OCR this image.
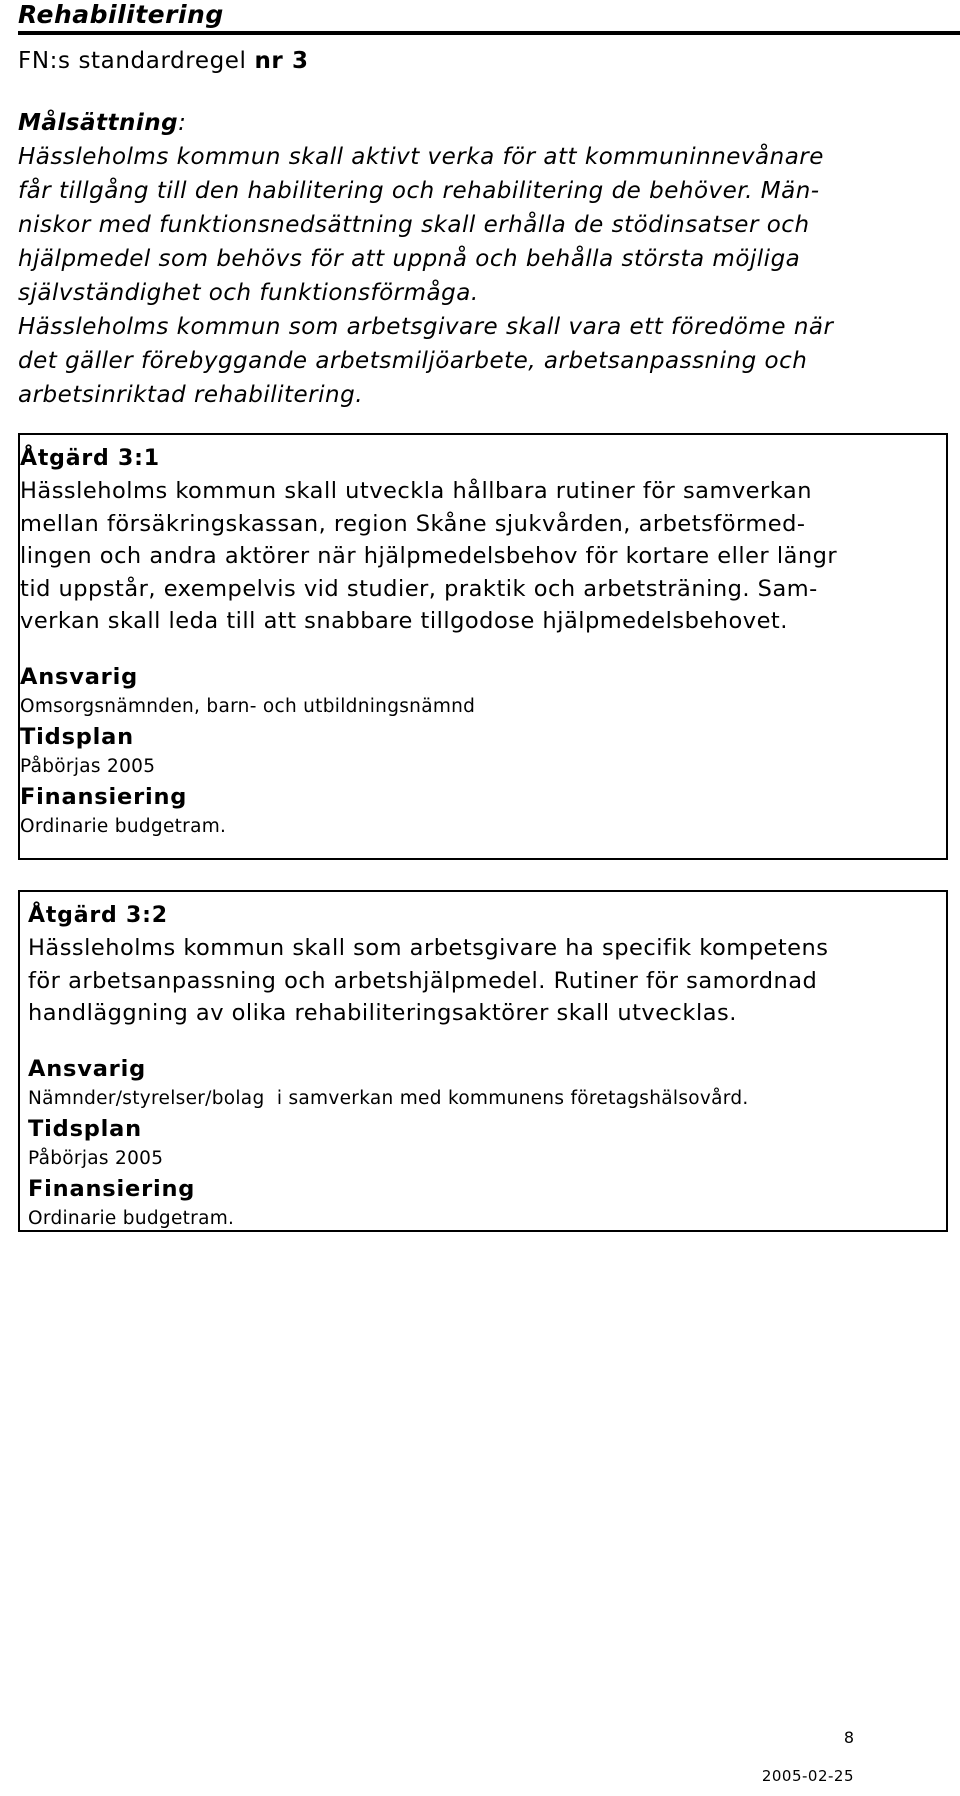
Rehabilitering
FN:s standardregel nr 3

Målsättning:

Hässleholms kommun skall aktivt verka för att kommuninnevånare

får tillgång till den habilitering och rehabilitering de behöver. Män-

niskor med funktionsnedsättning skall erhålla de stödinsatser och

hjälpmedel som behövs för att uppnå och behålla största möjliga

självständighet och funktionsförmåga.

Hässleholms kommun som arbetsgivare skall vara ett föredöme när

det gäller förebyggande arbetsmiljöarbete, arbetsanpassning och

arbetsinriktad rehabilitering.

Åtgärd 3:1

Hässleholms kommun skall utveckla hållbara rutiner för samverkan
mellan försäkringskassan, region Skåne sjukvården, arbetsförmed-
lingen och andra aktörer när hjälpmedelsbehov för kortare eller längr
tid uppstår, exempelvis vid studier, praktik och arbetsträning. Sam-
verkan skall leda till att snabbare tillgodose hjälpmedelsbehovet.

Ansvarig

Omsorgsnämnden, barn- och utbildningsnämnd

Tidsplan

Påbörjas 2005

Finansiering

Ordinarie budgetram.

Åtgärd 3:2

Hässleholms kommun skall som arbetsgivare ha specifik kompetens
för arbetsanpassning och arbetshjälpmedel. Rutiner för samordnad
handläggning av olika rehabiliteringsaktörer skall utvecklas.

Ansvarig

Nämnder/styrelser/bolag  i samverkan med kommunens företagshälsovård.

Tidsplan

Påbörjas 2005

Finansiering

Ordinarie budgetram.

8
2005-02-25
